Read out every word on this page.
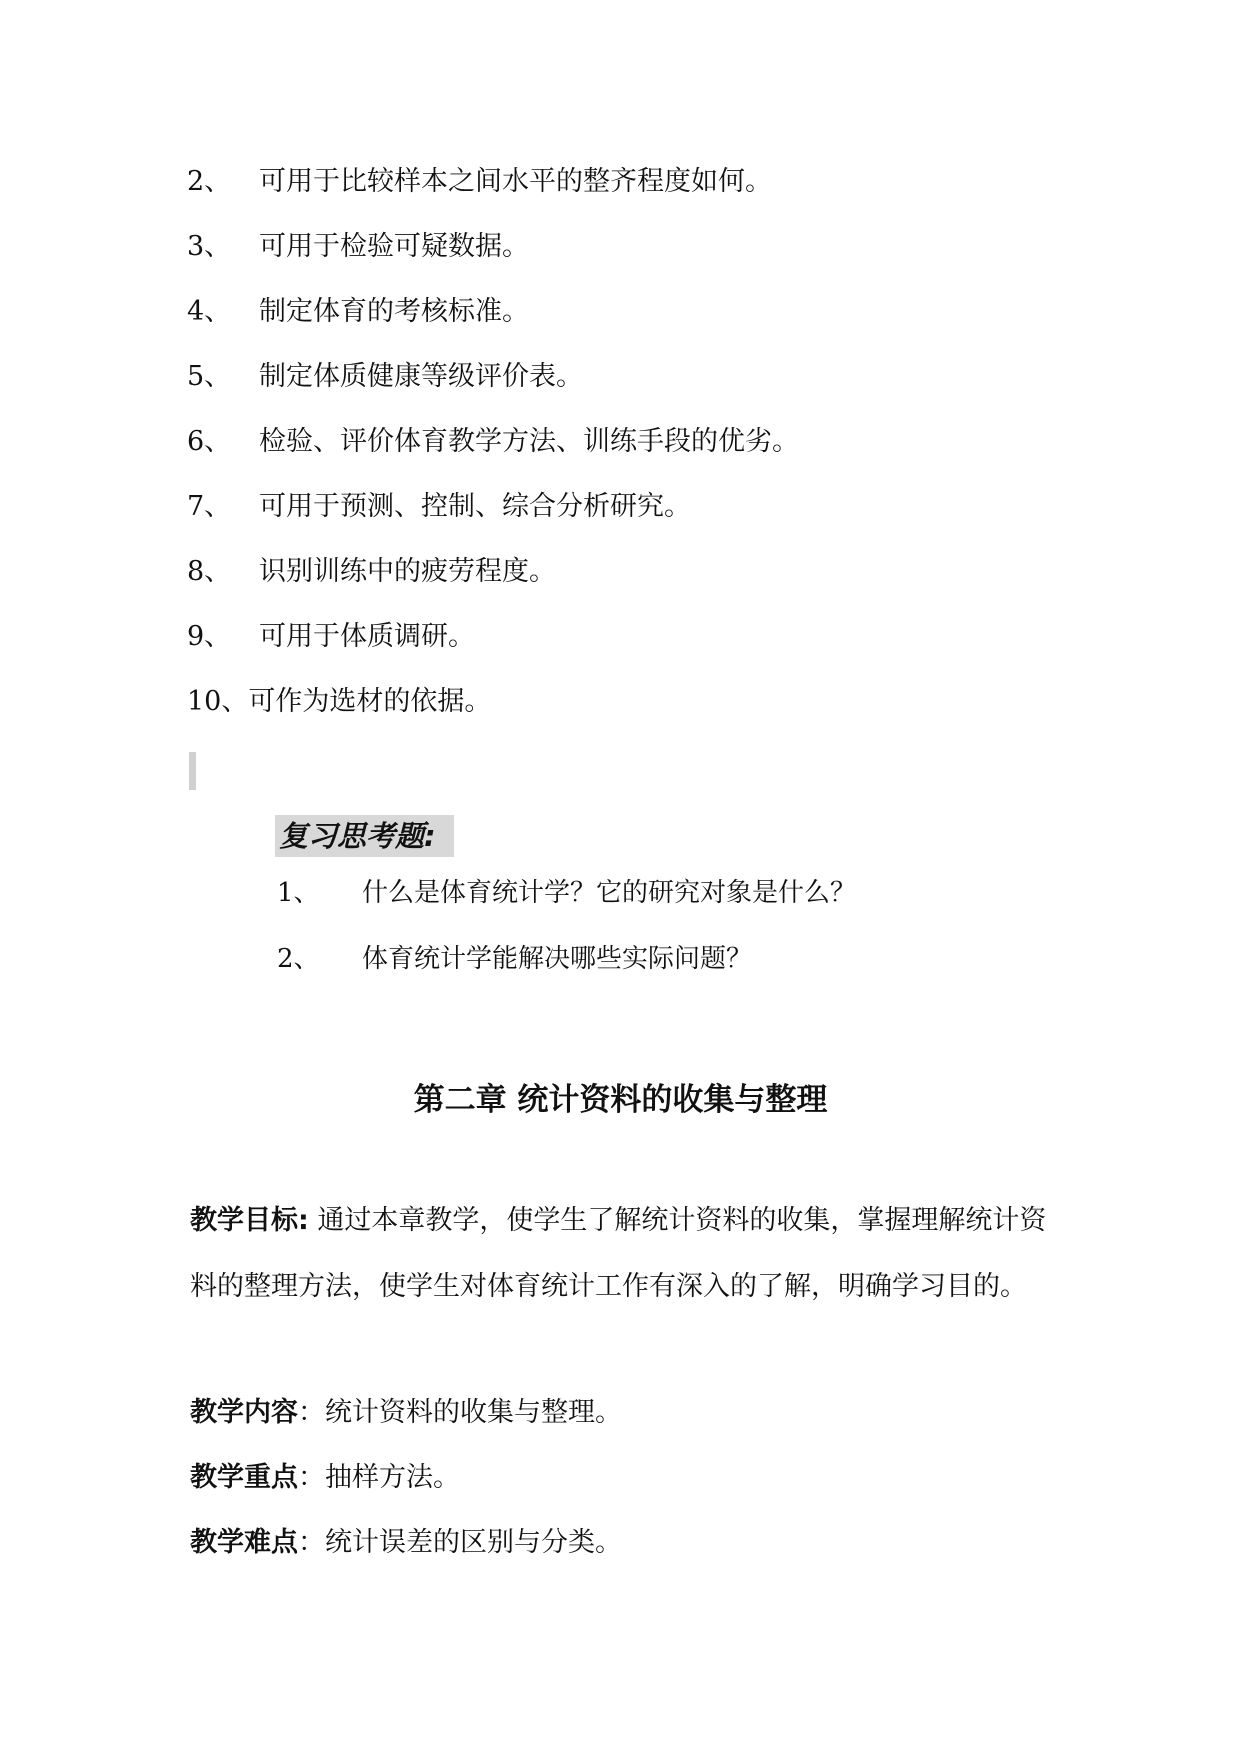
2、 可用于比较样本之间水平的整齐程度如何。
3、 可用于检验可疑数据。
4、 制定体育的考核标准。
5、 制定体质健康等级评价表。
6、 检验、评价体育教学方法、训练手段的优劣。
7、 可用于预测、控制、综合分析研究。
8、 识别训练中的疲劳程度。
9、 可用于体质调研。
10、可作为选材的依据。
复习思考题:
1、 什么是体育统计学？它的研究对象是什么？
2、 体育统计学能解决哪些实际问题？
第二章 统计资料的收集与整理
教学目标: 通过本章教学，使学生了解统计资料的收集，掌握理解统计资料的整理方法，使学生对体育统计工作有深入的了解，明确学习目的。
教学内容：统计资料的收集与整理。
教学重点：抽样方法。
教学难点：统计误差的区别与分类。
